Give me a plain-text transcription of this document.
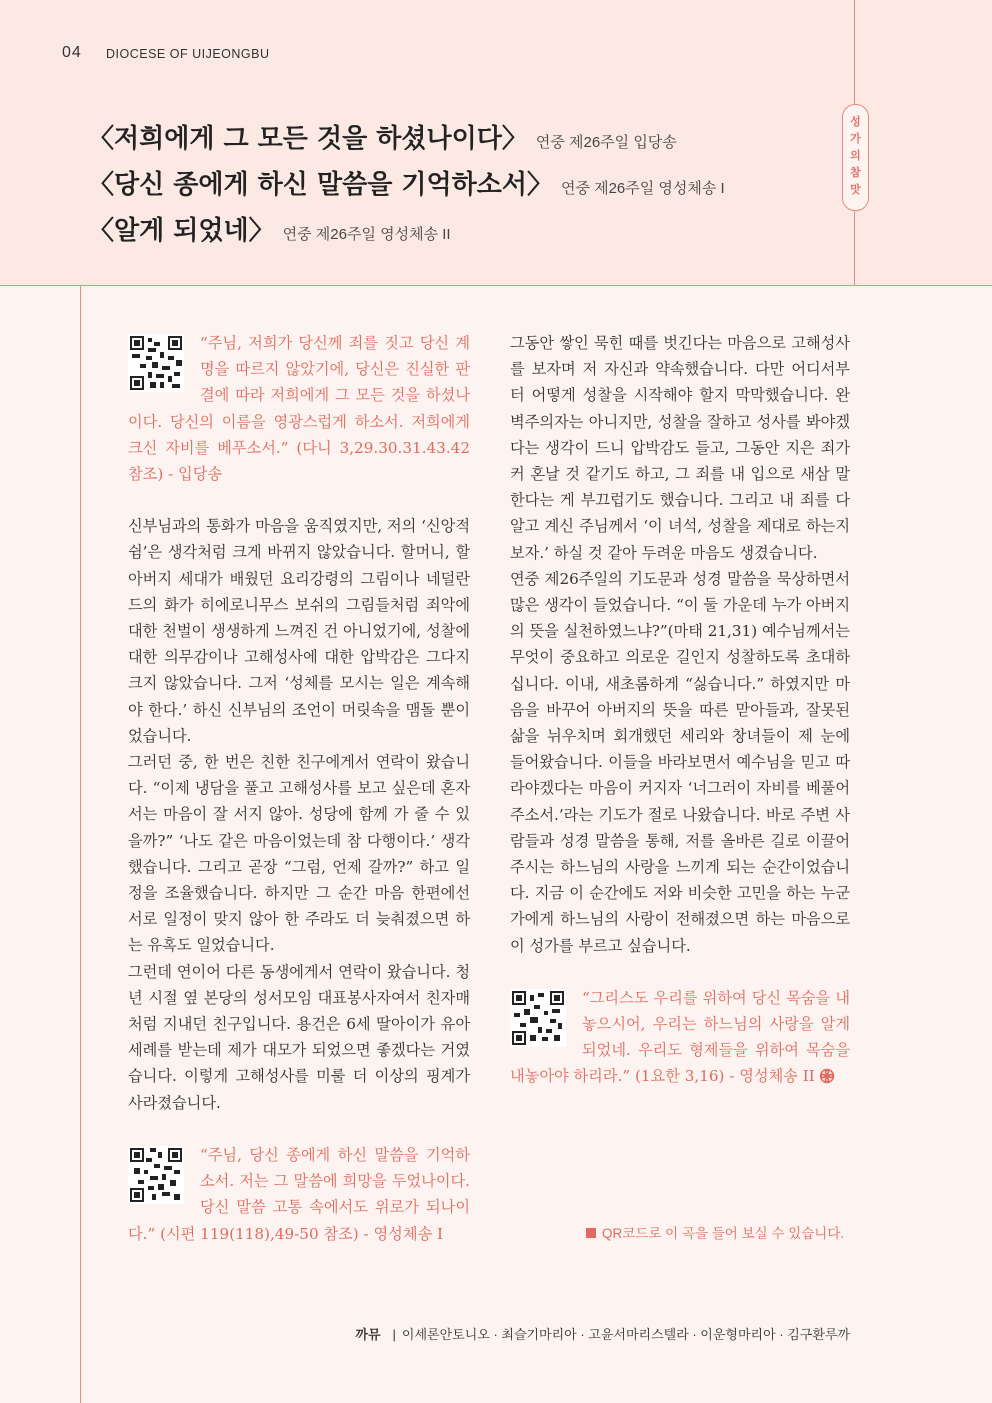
04 DIOCESE OF UIJEONGBU
성
가
의
참
맛
〈저희에게 그 모든 것을 하셨나이다〉 연중 제26주일 입당송
〈당신 종에게 하신 말씀을 기억하소서〉 연중 제26주일 영성체송 I
〈알게 되었네〉 연중 제26주일 영성체송 II

“주님, 저희가 당신께 죄를 짓고 당신 계명을 따르지 않았기에, 당신은 진실한 판결에 따라 저희에게 그 모든 것을 하셨나이다. 당신의 이름을 영광스럽게 하소서. 저희에게 크신 자비를 베푸소서.” (다니 3,29.30.31.43.42 참조) - 입당송

신부님과의 통화가 마음을 움직였지만, 저의 ‘신앙적 쉼’은 생각처럼 크게 바뀌지 않았습니다. 할머니, 할아버지 세대가 배웠던 요리강령의 그림이나 네덜란드의 화가 히에로니무스 보쉬의 그림들처럼 죄악에 대한 천벌이 생생하게 느껴진 건 아니었기에, 성찰에 대한 의무감이나 고해성사에 대한 압박감은 그다지 크지 않았습니다. 그저 ‘성체를 모시는 일은 계속해야 한다.’ 하신 신부님의 조언이 머릿속을 맴돌 뿐이었습니다.

그러던 중, 한 번은 친한 친구에게서 연락이 왔습니다. “이제 냉담을 풀고 고해성사를 보고 싶은데 혼자서는 마음이 잘 서지 않아. 성당에 함께 가 줄 수 있을까?” ‘나도 같은 마음이었는데 참 다행이다.’ 생각했습니다. 그리고 곧장 “그럼, 언제 갈까?” 하고 일정을 조율했습니다. 하지만 그 순간 마음 한편에선 서로 일정이 맞지 않아 한 주라도 더 늦춰졌으면 하는 유혹도 일었습니다.

그런데 연이어 다른 동생에게서 연락이 왔습니다. 청년 시절 옆 본당의 성서모임 대표봉사자여서 친자매처럼 지내던 친구입니다. 용건은 6세 딸아이가 유아세례를 받는데 제가 대모가 되었으면 좋겠다는 거였습니다. 이렇게 고해성사를 미룰 더 이상의 핑계가 사라졌습니다.

“주님, 당신 종에게 하신 말씀을 기억하소서. 저는 그 말씀에 희망을 두었나이다. 당신 말씀 고통 속에서도 위로가 되나이다.” (시편 119(118),49-50 참조) - 영성체송 I

그동안 쌓인 묵힌 때를 벗긴다는 마음으로 고해성사를 보자며 저 자신과 약속했습니다. 다만 어디서부터 어떻게 성찰을 시작해야 할지 막막했습니다. 완벽주의자는 아니지만, 성찰을 잘하고 성사를 봐야겠다는 생각이 드니 압박감도 들고, 그동안 지은 죄가 커 혼날 것 같기도 하고, 그 죄를 내 입으로 새삼 말한다는 게 부끄럽기도 했습니다. 그리고 내 죄를 다 알고 계신 주님께서 ‘이 녀석, 성찰을 제대로 하는지 보자.’ 하실 것 같아 두려운 마음도 생겼습니다.

연중 제26주일의 기도문과 성경 말씀을 묵상하면서 많은 생각이 들었습니다. “이 둘 가운데 누가 아버지의 뜻을 실천하였느냐?”(마태 21,31) 예수님께서는 무엇이 중요하고 의로운 길인지 성찰하도록 초대하십니다. 이내, 새초롬하게 “싫습니다.” 하였지만 마음을 바꾸어 아버지의 뜻을 따른 맏아들과, 잘못된 삶을 뉘우치며 회개했던 세리와 창녀들이 제 눈에 들어왔습니다. 이들을 바라보면서 예수님을 믿고 따라야겠다는 마음이 커지자 ‘너그러이 자비를 베풀어주소서.’라는 기도가 절로 나왔습니다. 바로 주변 사람들과 성경 말씀을 통해, 저를 올바른 길로 이끌어 주시는 하느님의 사랑을 느끼게 되는 순간이었습니다. 지금 이 순간에도 저와 비슷한 고민을 하는 누군가에게 하느님의 사랑이 전해졌으면 하는 마음으로 이 성가를 부르고 싶습니다.

“그리스도 우리를 위하여 당신 목숨을 내놓으시어, 우리는 하느님의 사랑을 알게 되었네. 우리도 형제들을 위하여 목숨을 내놓아야 하리라.” (1요한 3,16) - 영성체송 II

QR코드로 이 곡을 들어 보실 수 있습니다.
까뮤 | 이세론안토니오 · 최슬기마리아 · 고윤서마리스텔라 · 이운형마리아 · 김구환루까
